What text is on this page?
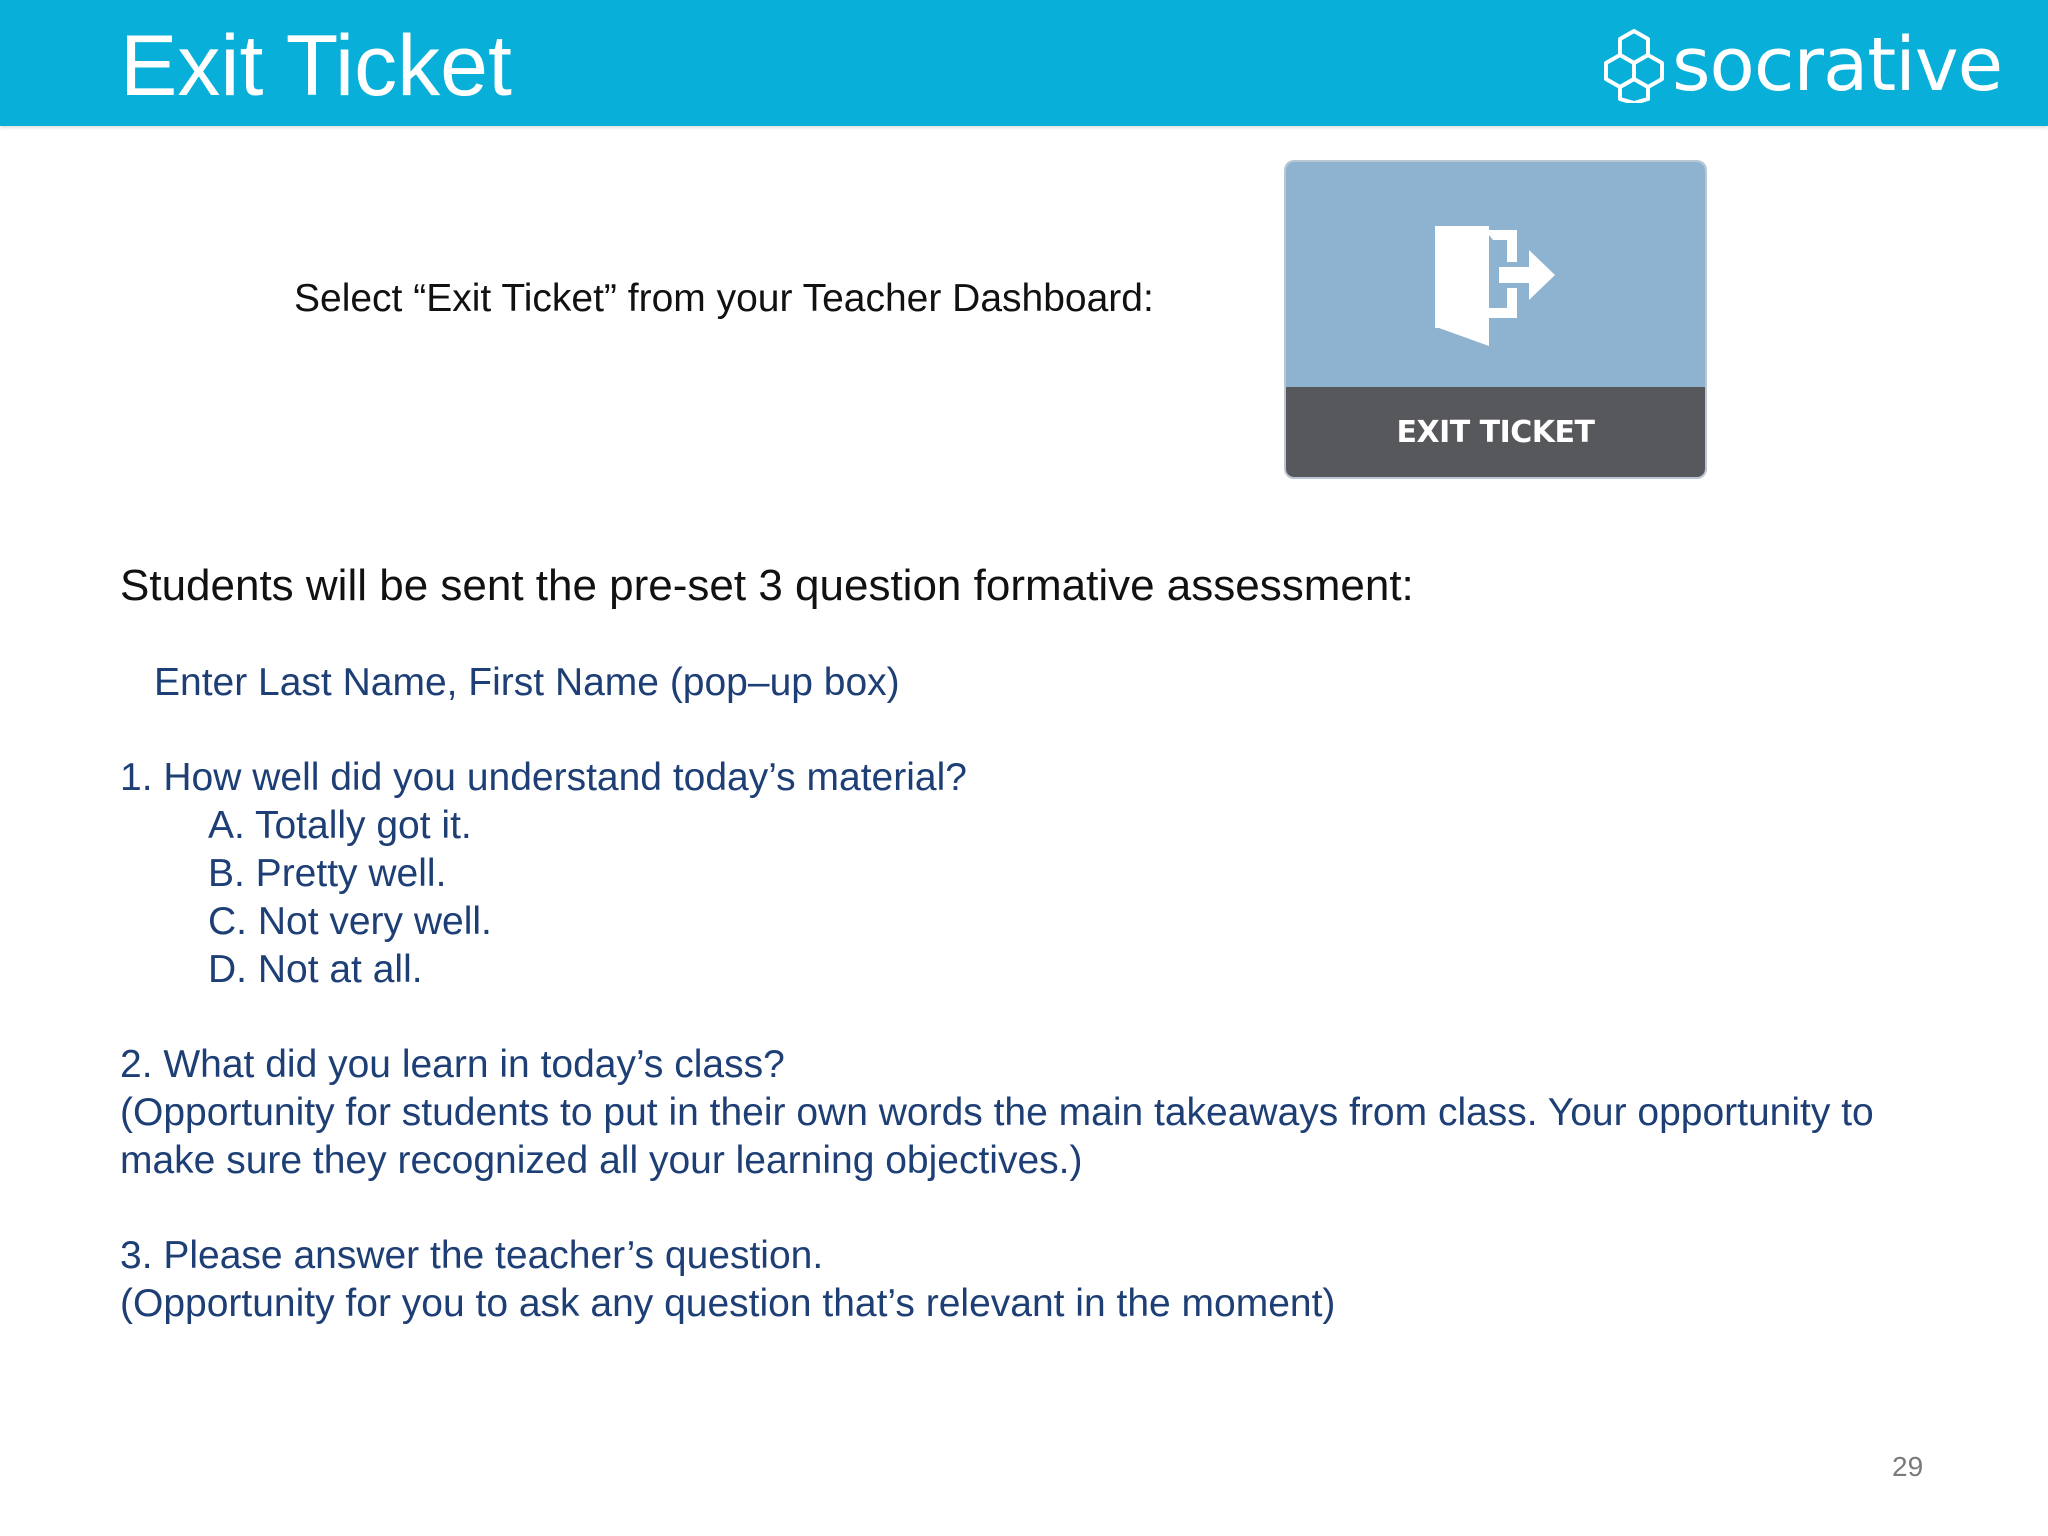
Exit Ticket	socrative
Select “Exit Ticket” from your Teacher Dashboard:
EXIT TICKET
Students will be sent the pre-set 3 question formative assessment:
Enter Last Name, First Name (pop–up box)
1. How well did you understand today’s material?
A. Totally got it.
B. Pretty well.
C. Not very well.
D. Not at all.
2. What did you learn in today’s class?
(Opportunity for students to put in their own words the main takeaways from class. Your opportunity to
make sure they recognized all your learning objectives.)
3. Please answer the teacher’s question.
(Opportunity for you to ask any question that’s relevant in the moment)
29
